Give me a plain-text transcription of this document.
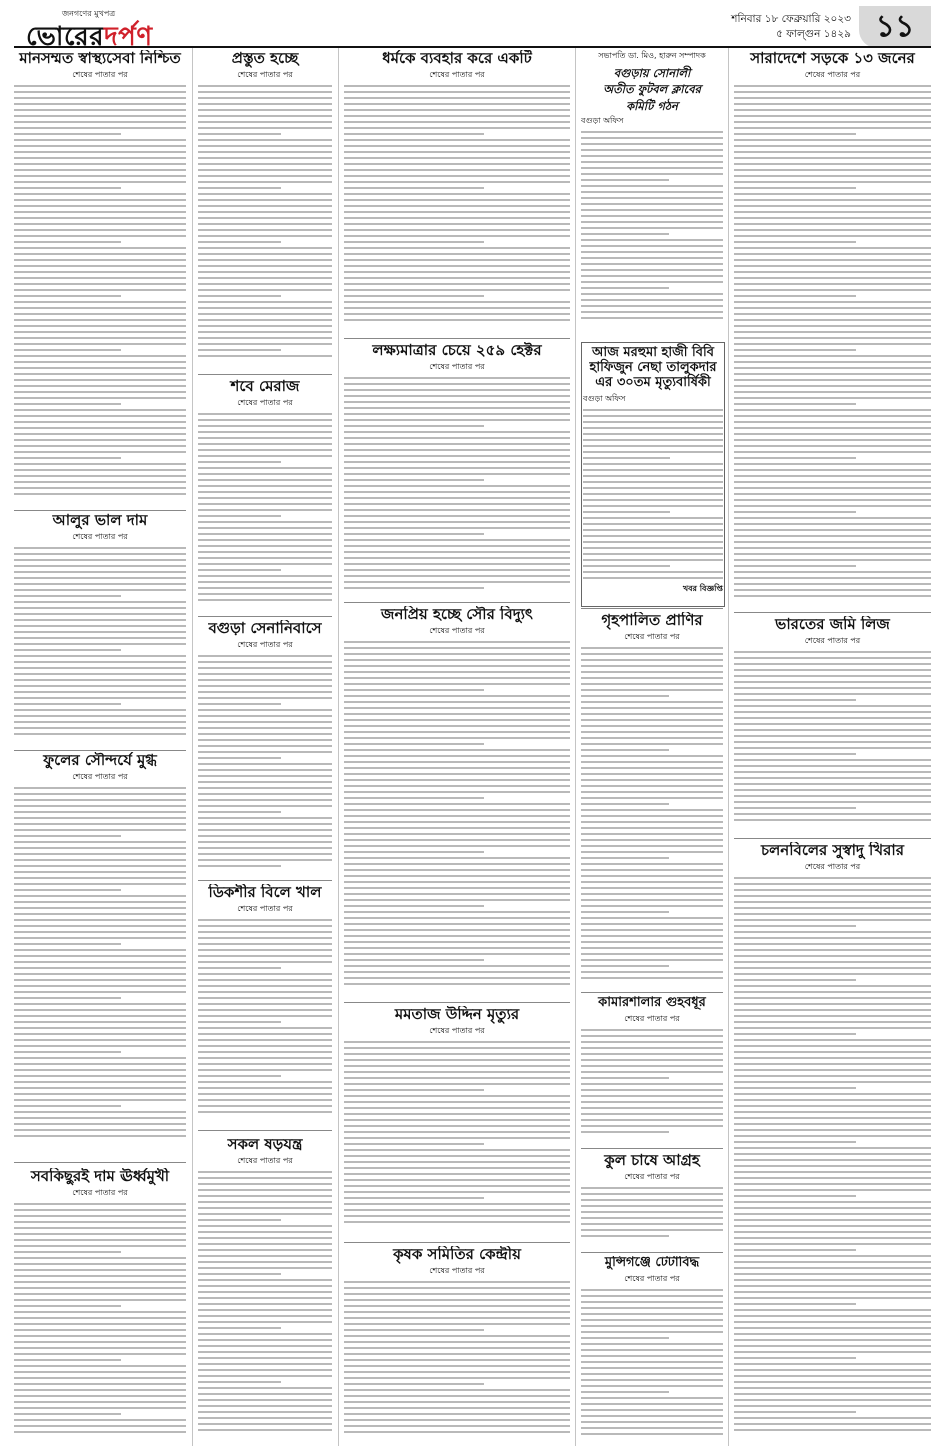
জনগণের মুখপত্র
ভোরেরদর্পণ
শনিবার ১৮ ফেব্রুয়ারি ২০২৩
৫ ফাল্গুন ১৪২৯ ১১
মানসম্মত স্বাস্থ্যসেবা নিশ্চিত
শেষের পাতার পর
আলুর ভাল দাম
শেষের পাতার পর
ফুলের সৌন্দর্যে মুগ্ধ
শেষের পাতার পর
সবকিছুরই দাম ঊর্ধ্বমুখী
শেষের পাতার পর
প্রস্তুত হচ্ছে
শেষের পাতার পর
শবে মেরাজ
শেষের পাতার পর
বগুড়া সেনানিবাসে
শেষের পাতার পর
ডিকশীর বিলে খাল
শেষের পাতার পর
সকল ষড়যন্ত্র
শেষের পাতার পর
ধর্মকে ব্যবহার করে একটি
শেষের পাতার পর
লক্ষ্যমাত্রার চেয়ে ২৫৯ হেক্টর
শেষের পাতার পর
জনপ্রিয় হচ্ছে সৌর বিদ্যুৎ
শেষের পাতার পর
মমতাজ উদ্দিন মৃত্যুর
শেষের পাতার পর
কৃষক সমিতির কেন্দ্রীয়
শেষের পাতার পর
সভাপতি ডা. মিও, হারুন সম্পাদক
বগুড়ায় সোনালী
অতীত ফুটবল ক্লাবের
কমিটি গঠন
বগুড়া অফিস
আজ মরহুমা হাজী বিবি হাফিজুন নেছা তালুকদার এর ৩০তম মৃত্যুবার্ষিকী
বগুড়া অফিস
খবর বিজ্ঞপ্তি
গৃহপালিত প্রাণির
শেষের পাতার পর
কামারশালার গুহবধূর
শেষের পাতার পর
কুল চাষে আগ্রহ
শেষের পাতার পর
মুন্সিগঞ্জে টেটাবিদ্ধ
শেষের পাতার পর
সারাদেশে সড়কে ১৩ জনের
শেষের পাতার পর
ভারতের জমি লিজ
শেষের পাতার পর
চলনবিলের সুস্বাদু খিরার
শেষের পাতার পর
